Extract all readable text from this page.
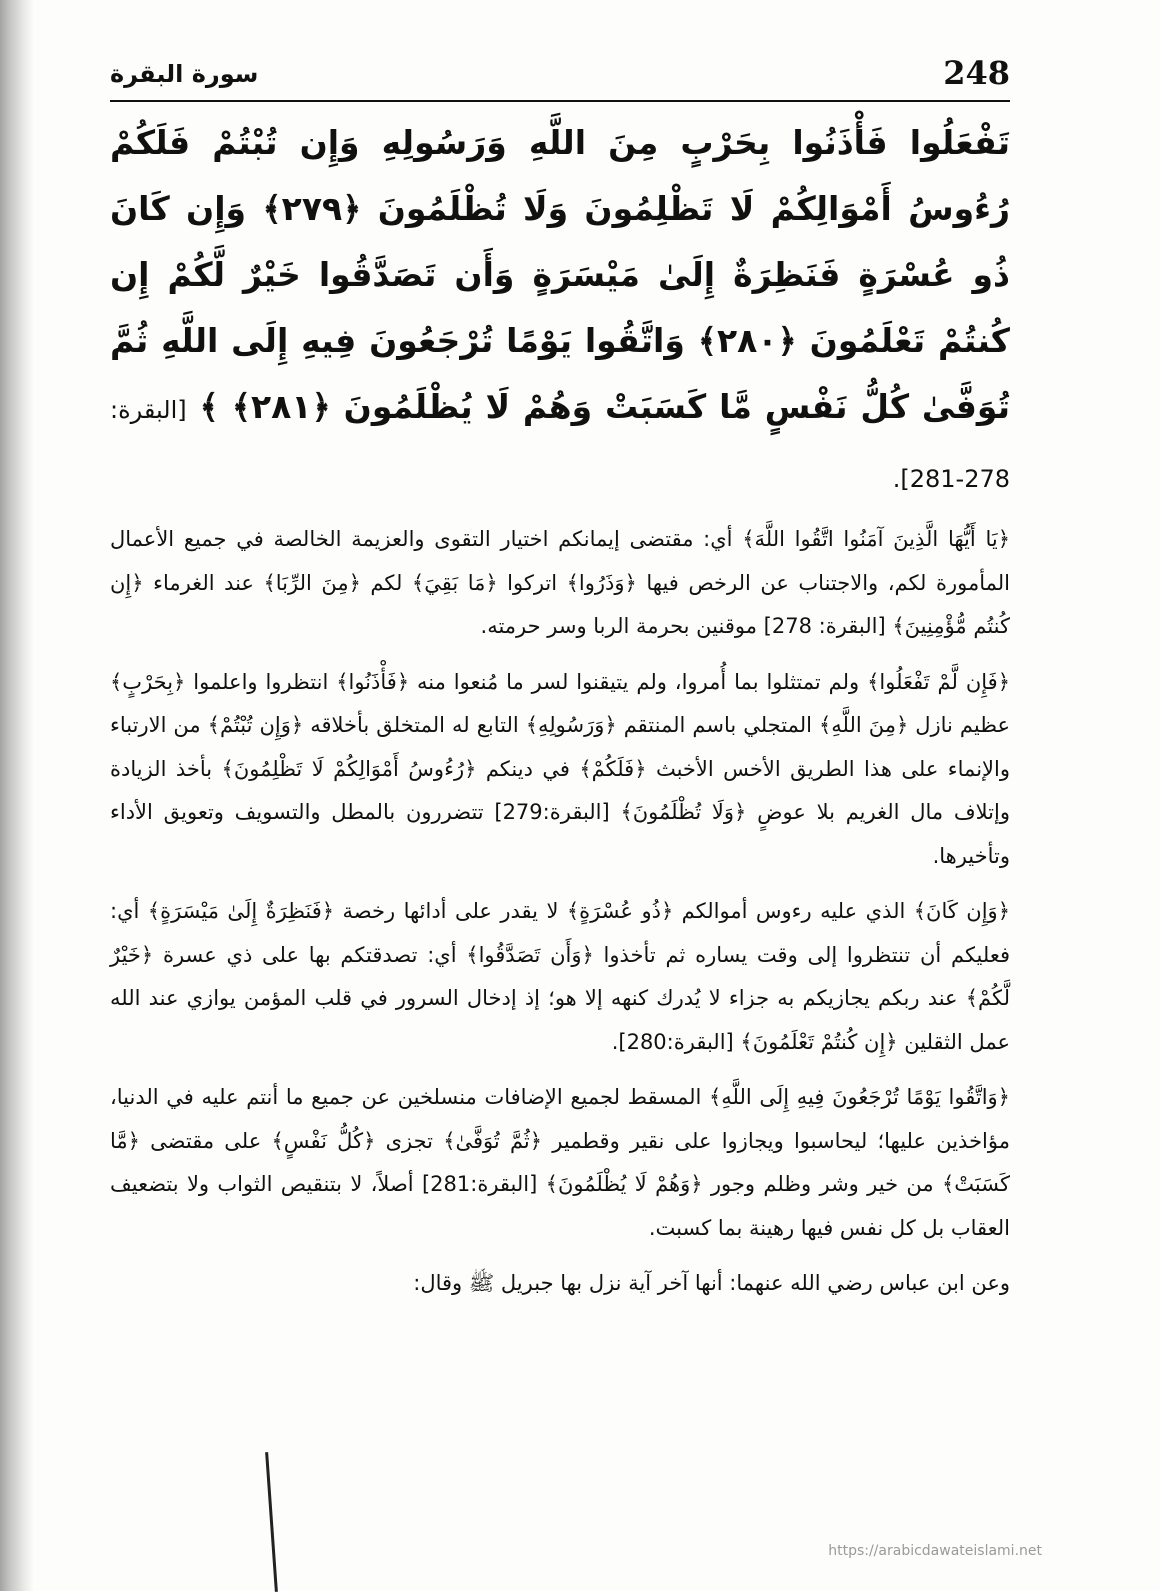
248
سورة البقرة

تَفْعَلُوا فَأْذَنُوا بِحَرْبٍ مِنَ اللَّهِ وَرَسُولِهِ وَإِن تُبْتُمْ فَلَكُمْ رُءُوسُ أَمْوَالِكُمْ لَا تَظْلِمُونَ وَلَا تُظْلَمُونَ ﴿٢٧٩﴾ وَإِن كَانَ ذُو عُسْرَةٍ فَنَظِرَةٌ إِلَىٰ مَيْسَرَةٍ وَأَن تَصَدَّقُوا خَيْرٌ لَّكُمْ إِن كُنتُمْ تَعْلَمُونَ ﴿٢٨٠﴾ وَاتَّقُوا يَوْمًا تُرْجَعُونَ فِيهِ إِلَى اللَّهِ ثُمَّ تُوَفَّىٰ كُلُّ نَفْسٍ مَّا كَسَبَتْ وَهُمْ لَا يُظْلَمُونَ ﴿٢٨١﴾ ﴾ [البقرة: 278-281].

﴿يَا أَيُّهَا الَّذِينَ آمَنُوا اتَّقُوا اللَّهَ﴾ أي: مقتضى إيمانكم اختيار التقوى والعزيمة الخالصة في جميع الأعمال المأمورة لكم، والاجتناب عن الرخص فيها ﴿وَذَرُوا﴾ اتركوا ﴿مَا بَقِيَ﴾ لكم ﴿مِنَ الرِّبَا﴾ عند الغرماء ﴿إِن كُنتُم مُّؤْمِنِينَ﴾ [البقرة: 278] موقنين بحرمة الربا وسر حرمته.

﴿فَإِن لَّمْ تَفْعَلُوا﴾ ولم تمتثلوا بما أُمروا، ولم يتيقنوا لسر ما مُنعوا منه ﴿فَأْذَنُوا﴾ انتظروا واعلموا ﴿بِحَرْبٍ﴾ عظيم نازل ﴿مِنَ اللَّهِ﴾ المتجلي باسم المنتقم ﴿وَرَسُولِهِ﴾ التابع له المتخلق بأخلاقه ﴿وَإِن تُبْتُمْ﴾ من الارتباء والإنماء على هذا الطريق الأخس الأخبث ﴿فَلَكُمْ﴾ في دينكم ﴿رُءُوسُ أَمْوَالِكُمْ لَا تَظْلِمُونَ﴾ بأخذ الزيادة وإتلاف مال الغريم بلا عوضٍ ﴿وَلَا تُظْلَمُونَ﴾ [البقرة:279] تتضررون بالمطل والتسويف وتعويق الأداء وتأخيرها.

﴿وَإِن كَانَ﴾ الذي عليه رءوس أموالكم ﴿ذُو عُسْرَةٍ﴾ لا يقدر على أدائها رخصة ﴿فَنَظِرَةٌ إِلَىٰ مَيْسَرَةٍ﴾ أي: فعليكم أن تنتظروا إلى وقت يساره ثم تأخذوا ﴿وَأَن تَصَدَّقُوا﴾ أي: تصدقتكم بها على ذي عسرة ﴿خَيْرٌ لَّكُمْ﴾ عند ربكم يجازيكم به جزاء لا يُدرك كنهه إلا هو؛ إذ إدخال السرور في قلب المؤمن يوازي عند الله عمل الثقلين ﴿إِن كُنتُمْ تَعْلَمُونَ﴾ [البقرة:280].

﴿وَاتَّقُوا يَوْمًا تُرْجَعُونَ فِيهِ إِلَى اللَّهِ﴾ المسقط لجميع الإضافات منسلخين عن جميع ما أنتم عليه في الدنيا، مؤاخذين عليها؛ ليحاسبوا ويجازوا على نقير وقطمير ﴿ثُمَّ تُوَفَّىٰ﴾ تجزى ﴿كُلُّ نَفْسٍ﴾ على مقتضى ﴿مَّا كَسَبَتْ﴾ من خير وشر وظلم وجور ﴿وَهُمْ لَا يُظْلَمُونَ﴾ [البقرة:281] أصلاً، لا بتنقيص الثواب ولا بتضعيف العقاب بل كل نفس فيها رهينة بما كسبت.

وعن ابن عباس رضي الله عنهما: أنها آخر آية نزل بها جبريل ﷺ وقال:

https://arabicdawateislami.net
